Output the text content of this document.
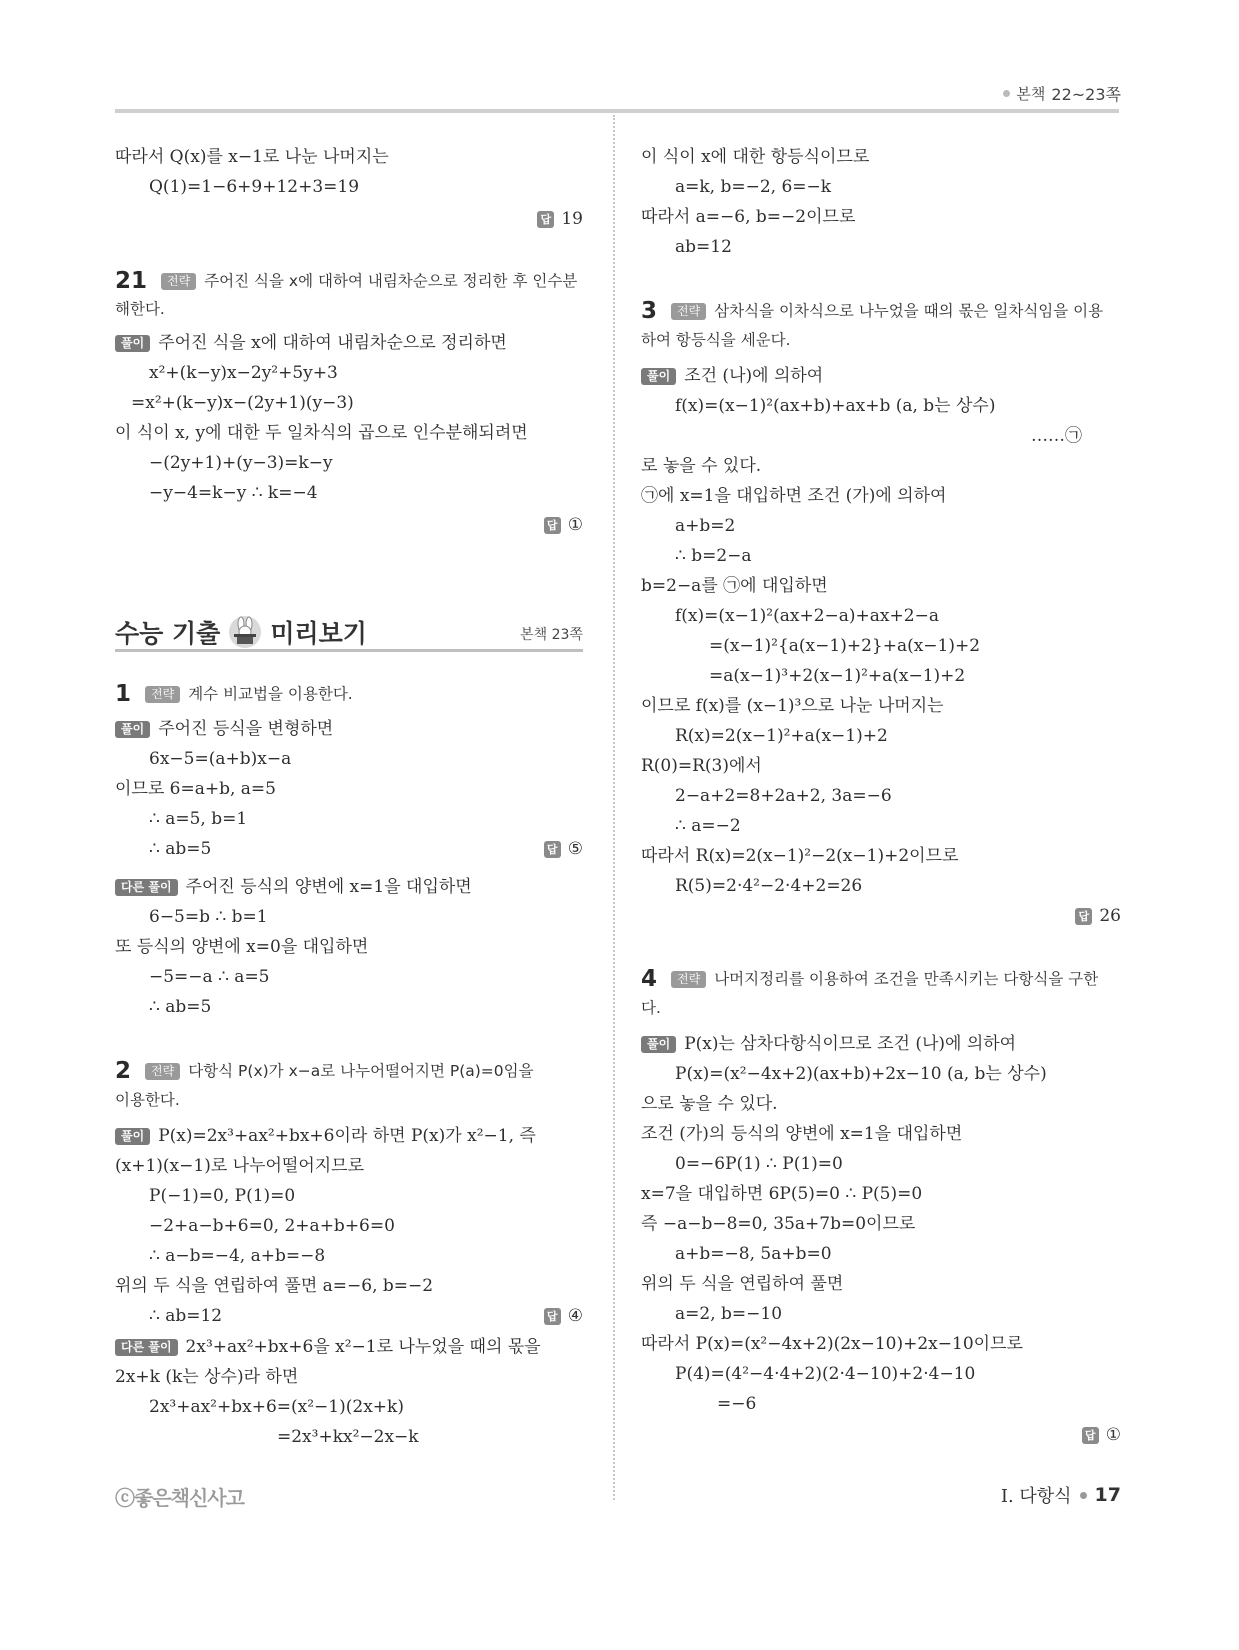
본책 22~23쪽
따라서 Q(x)를 x−1로 나눈 나머지는
Q(1)=1−6+9+12+3=19
답 19
21 전략 주어진 식을 x에 대하여 내림차순으로 정리한 후 인수분
해한다.
풀이 주어진 식을 x에 대하여 내림차순으로 정리하면
x²+(k−y)x−2y²+5y+3
=x²+(k−y)x−(2y+1)(y−3)
이 식이 x, y에 대한 두 일차식의 곱으로 인수분해되려면
−(2y+1)+(y−3)=k−y
−y−4=k−y ∴ k=−4
답 ①
수능 기출 미리보기	본책 23쪽
1 전략 계수 비교법을 이용한다.
풀이 주어진 등식을 변형하면
6x−5=(a+b)x−a
이므로 6=a+b, a=5
∴ a=5, b=1
∴ ab=5	답 ⑤
다른 풀이 주어진 등식의 양변에 x=1을 대입하면
6−5=b ∴ b=1
또 등식의 양변에 x=0을 대입하면
−5=−a ∴ a=5
∴ ab=5
2 전략 다항식 P(x)가 x−a로 나누어떨어지면 P(a)=0임을
이용한다.
풀이 P(x)=2x³+ax²+bx+6이라 하면 P(x)가 x²−1, 즉
(x+1)(x−1)로 나누어떨어지므로
P(−1)=0, P(1)=0
−2+a−b+6=0, 2+a+b+6=0
∴ a−b=−4, a+b=−8
위의 두 식을 연립하여 풀면 a=−6, b=−2
∴ ab=12	답 ④
다른 풀이 2x³+ax²+bx+6을 x²−1로 나누었을 때의 몫을
2x+k (k는 상수)라 하면
2x³+ax²+bx+6=(x²−1)(2x+k)
=2x³+kx²−2x−k
이 식이 x에 대한 항등식이므로
a=k, b=−2, 6=−k
따라서 a=−6, b=−2이므로
ab=12
3 전략 삼차식을 이차식으로 나누었을 때의 몫은 일차식임을 이용
하여 항등식을 세운다.
풀이 조건 (나)에 의하여
f(x)=(x−1)²(ax+b)+ax+b (a, b는 상수)
……㉠
로 놓을 수 있다.
㉠에 x=1을 대입하면 조건 (가)에 의하여
a+b=2
∴ b=2−a
b=2−a를 ㉠에 대입하면
f(x)=(x−1)²(ax+2−a)+ax+2−a
=(x−1)²{a(x−1)+2}+a(x−1)+2
=a(x−1)³+2(x−1)²+a(x−1)+2
이므로 f(x)를 (x−1)³으로 나눈 나머지는
R(x)=2(x−1)²+a(x−1)+2
R(0)=R(3)에서
2−a+2=8+2a+2, 3a=−6
∴ a=−2
따라서 R(x)=2(x−1)²−2(x−1)+2이므로
R(5)=2·4²−2·4+2=26
답 26
4 전략 나머지정리를 이용하여 조건을 만족시키는 다항식을 구한
다.
풀이 P(x)는 삼차다항식이므로 조건 (나)에 의하여
P(x)=(x²−4x+2)(ax+b)+2x−10 (a, b는 상수)
으로 놓을 수 있다.
조건 (가)의 등식의 양변에 x=1을 대입하면
0=−6P(1) ∴ P(1)=0
x=7을 대입하면 6P(5)=0 ∴ P(5)=0
즉 −a−b−8=0, 35a+7b=0이므로
a+b=−8, 5a+b=0
위의 두 식을 연립하여 풀면
a=2, b=−10
따라서 P(x)=(x²−4x+2)(2x−10)+2x−10이므로
P(4)=(4²−4·4+2)(2·4−10)+2·4−10
=−6
답 ①
ⓒ좋은책신사고	Ⅰ. 다항식 17
